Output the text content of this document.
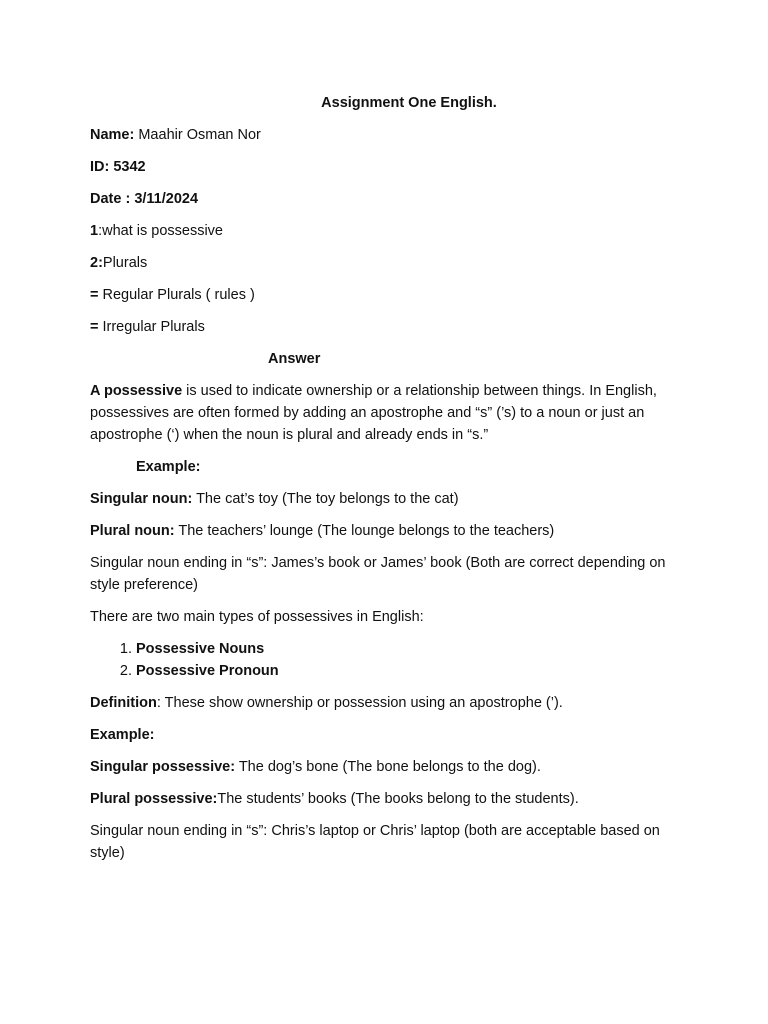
Assignment One English.

Name: Maahir Osman Nor

ID: 5342

Date : 3/11/2024

1:what is possessive

2:Plurals

= Regular Plurals ( rules )

= Irregular Plurals

Answer

A possessive is used to indicate ownership or a relationship between things. In English, possessives are often formed by adding an apostrophe and “s” (’s) to a noun or just an apostrophe (‘) when the noun is plural and already ends in “s.”

Example:

Singular noun: The cat’s toy (The toy belongs to the cat)

Plural noun: The teachers’ lounge (The lounge belongs to the teachers)

Singular noun ending in “s”: James’s book or James’ book (Both are correct depending on style preference)

There are two main types of possessives in English:

1. Possessive Nouns
2. Possessive Pronoun

Definition: These show ownership or possession using an apostrophe (’).

Example:

Singular possessive: The dog’s bone (The bone belongs to the dog).

Plural possessive:The students’ books (The books belong to the students).

Singular noun ending in “s”: Chris’s laptop or Chris’ laptop (both are acceptable based on style)
